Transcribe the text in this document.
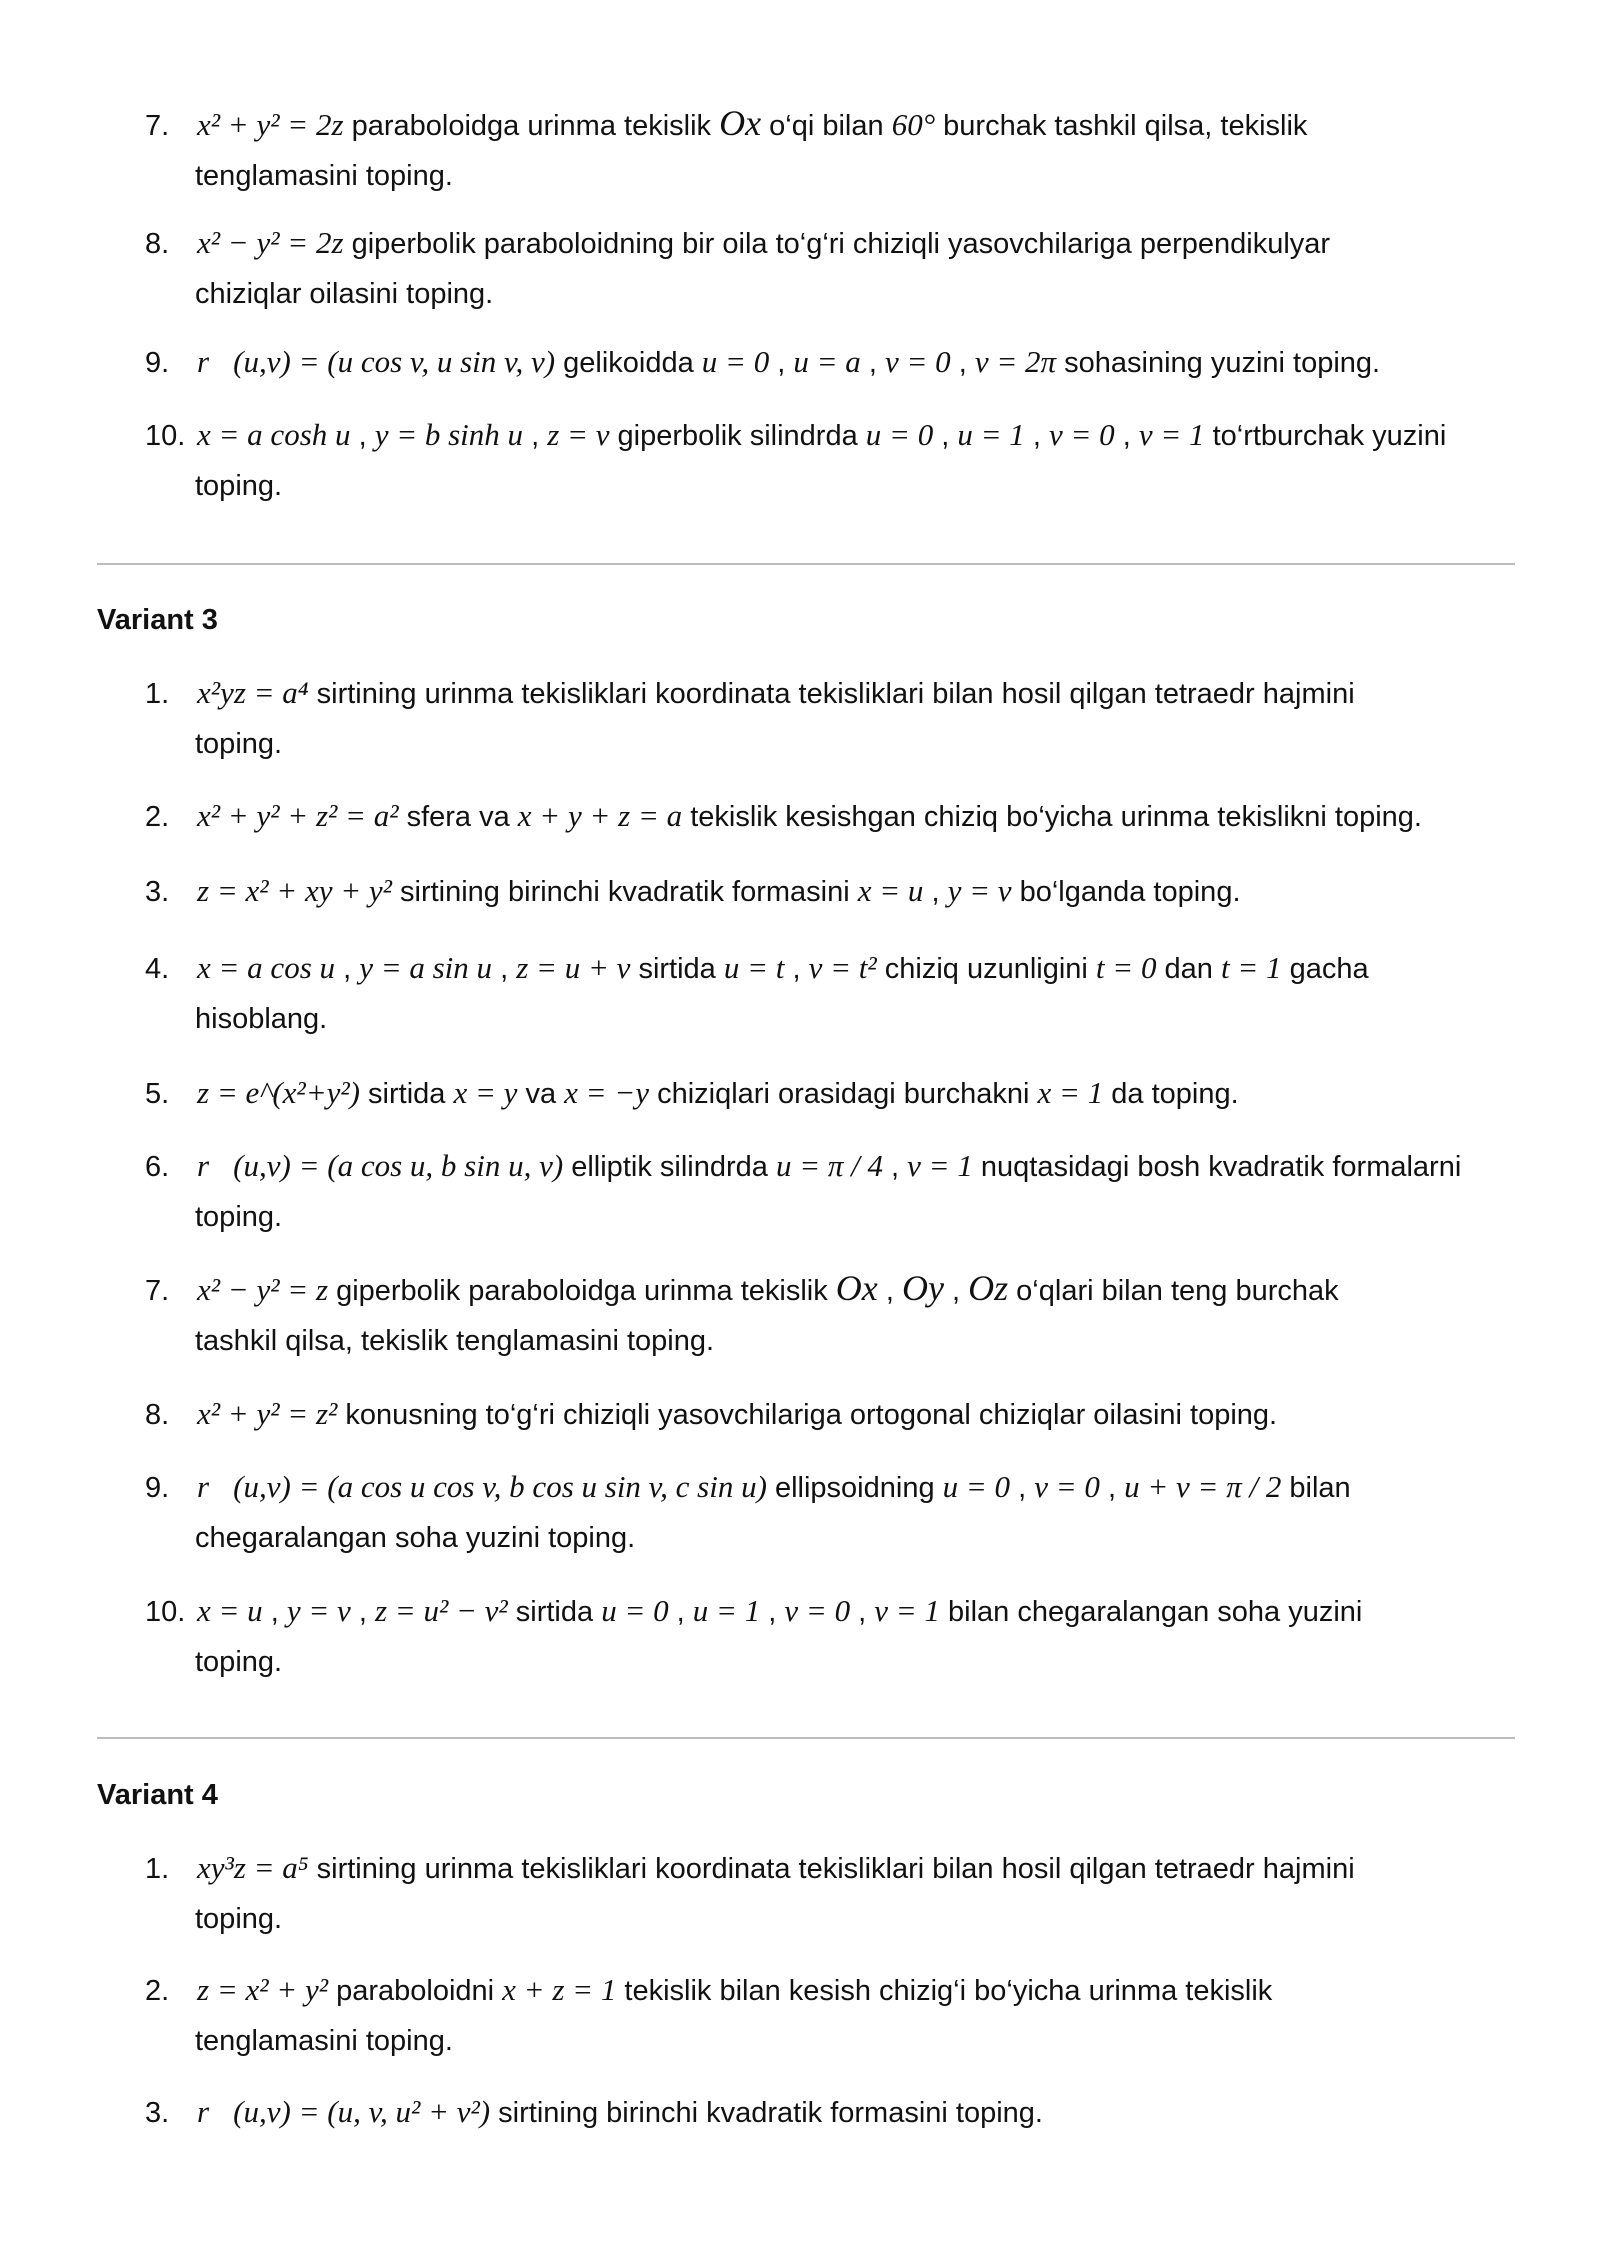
7. x² + y² = 2z paraboloidga urinma tekislik Ox o‘qi bilan 60° burchak tashkil qilsa, tekislik
tenglamasini toping.
8. x² − y² = 2z giperbolik paraboloidning bir oila to‘g‘ri chiziqli yasovchilariga perpendikulyar
chiziqlar oilasini toping.
9. r⃗(u,v) = (u cos v, u sin v, v) gelikoidda u = 0 , u = a , v = 0 , v = 2π sohasining yuzini toping.
10. x = a cosh u , y = b sinh u , z = v giperbolik silindrda u = 0 , u = 1 , v = 0 , v = 1 to‘rtburchak yuzini
toping.
Variant 3
1. x²yz = a⁴ sirtining urinma tekisliklari koordinata tekisliklari bilan hosil qilgan tetraedr hajmini
toping.
2. x² + y² + z² = a² sfera va x + y + z = a tekislik kesishgan chiziq bo‘yicha urinma tekislikni toping.
3. z = x² + xy + y² sirtining birinchi kvadratik formasini x = u , y = v bo‘lganda toping.
4. x = a cos u , y = a sin u , z = u + v sirtida u = t , v = t² chiziq uzunligini t = 0 dan t = 1 gacha
hisoblang.
5. z = e^(x²+y²) sirtida x = y va x = −y chiziqlari orasidagi burchakni x = 1 da toping.
6. r⃗(u,v) = (a cos u, b sin u, v) elliptik silindrda u = π / 4 , v = 1 nuqtasidagi bosh kvadratik formalarni
toping.
7. x² − y² = z giperbolik paraboloidga urinma tekislik Ox , Oy , Oz o‘qlari bilan teng burchak
tashkil qilsa, tekislik tenglamasini toping.
8. x² + y² = z² konusning to‘g‘ri chiziqli yasovchilariga ortogonal chiziqlar oilasini toping.
9. r⃗(u,v) = (a cos u cos v, b cos u sin v, c sin u) ellipsoidning u = 0 , v = 0 , u + v = π / 2 bilan
chegaralangan soha yuzini toping.
10. x = u , y = v , z = u² − v² sirtida u = 0 , u = 1 , v = 0 , v = 1 bilan chegaralangan soha yuzini
toping.
Variant 4
1. xy³z = a⁵ sirtining urinma tekisliklari koordinata tekisliklari bilan hosil qilgan tetraedr hajmini
toping.
2. z = x² + y² paraboloidni x + z = 1 tekislik bilan kesish chizig‘i bo‘yicha urinma tekislik
tenglamasini toping.
3. r⃗(u,v) = (u, v, u² + v²) sirtining birinchi kvadratik formasini toping.
